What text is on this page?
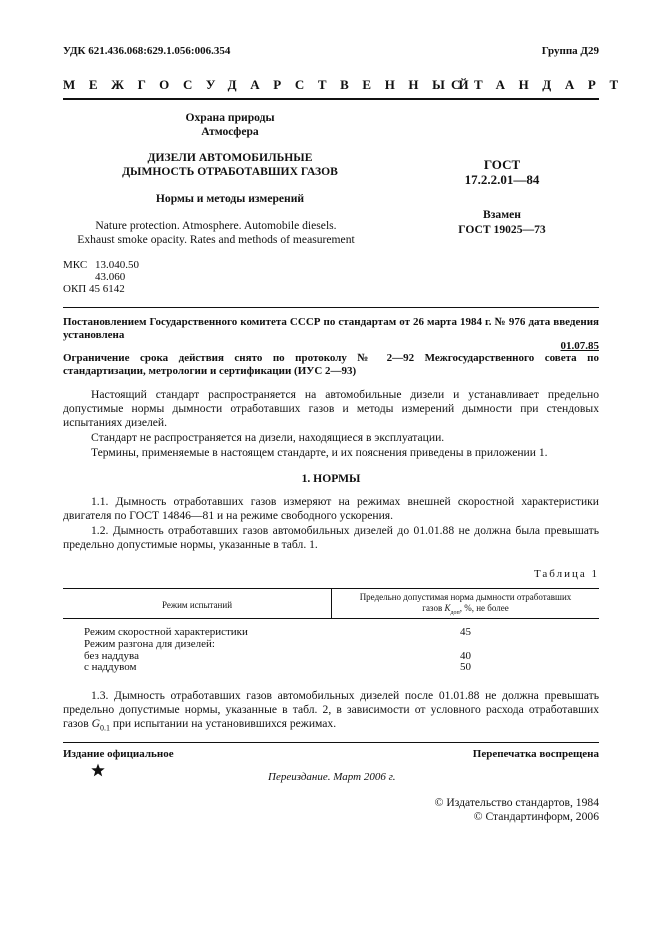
УДК 621.436.068:629.1.056:006.354	Группа Д29
МЕЖГОСУДАРСТВЕННЫЙ
СТАНДАРТ
Охрана природы
Атмосфера
ДИЗЕЛИ АВТОМОБИЛЬНЫЕ
ДЫМНОСТЬ ОТРАБОТАВШИХ ГАЗОВ
Нормы и методы измерений
Nature protection. Atmosphere. Automobile diesels.
Exhaust smoke opacity. Rates and methods of measurement
ГОСТ
17.2.2.01—84
Взамен
ГОСТ 19025—73
МКС 13.040.50
43.060
ОКП 45 6142
Постановлением Государственного комитета СССР по стандартам от 26 марта 1984 г. № 976 дата введения установлена
01.07.85
Ограничение срока действия снято по протоколу № 2—92 Межгосударственного совета по стандартизации, метрологии и сертификации (ИУС 2—93)
Настоящий стандарт распространяется на автомобильные дизели и устанавливает предельно допустимые нормы дымности отработавших газов и методы измерений дымности при стендовых испытаниях дизелей.
Стандарт не распространяется на дизели, находящиеся в эксплуатации.
Термины, применяемые в настоящем стандарте, и их пояснения приведены в приложении 1.
1. НОРМЫ
1.1. Дымность отработавших газов измеряют на режимах внешней скоростной характеристики двигателя по ГОСТ 14846—81 и на режиме свободного ускорения.
1.2. Дымность отработавших газов автомобильных дизелей до 01.01.88 не должна была превышать предельно допустимые нормы, указанные в табл. 1.
Таблица 1
Режим испытаний
Предельно допустимая норма дымности отработавших
газов $K_{доп}$, %, не более
Режим скоростной характеристики	45
Режим разгона для дизелей:
без наддува	40
с наддувом	50
1.3. Дымность отработавших газов автомобильных дизелей после 01.01.88 не должна превышать предельно допустимые нормы, указанные в табл. 2, в зависимости от условного расхода отработавших газов $G_{0.1}$ при испытании на установившихся режимах.
Издание официальное	Перепечатка воспрещена
Переиздание. Март 2006 г.
© Издательство стандартов, 1984
© Стандартинформ, 2006
